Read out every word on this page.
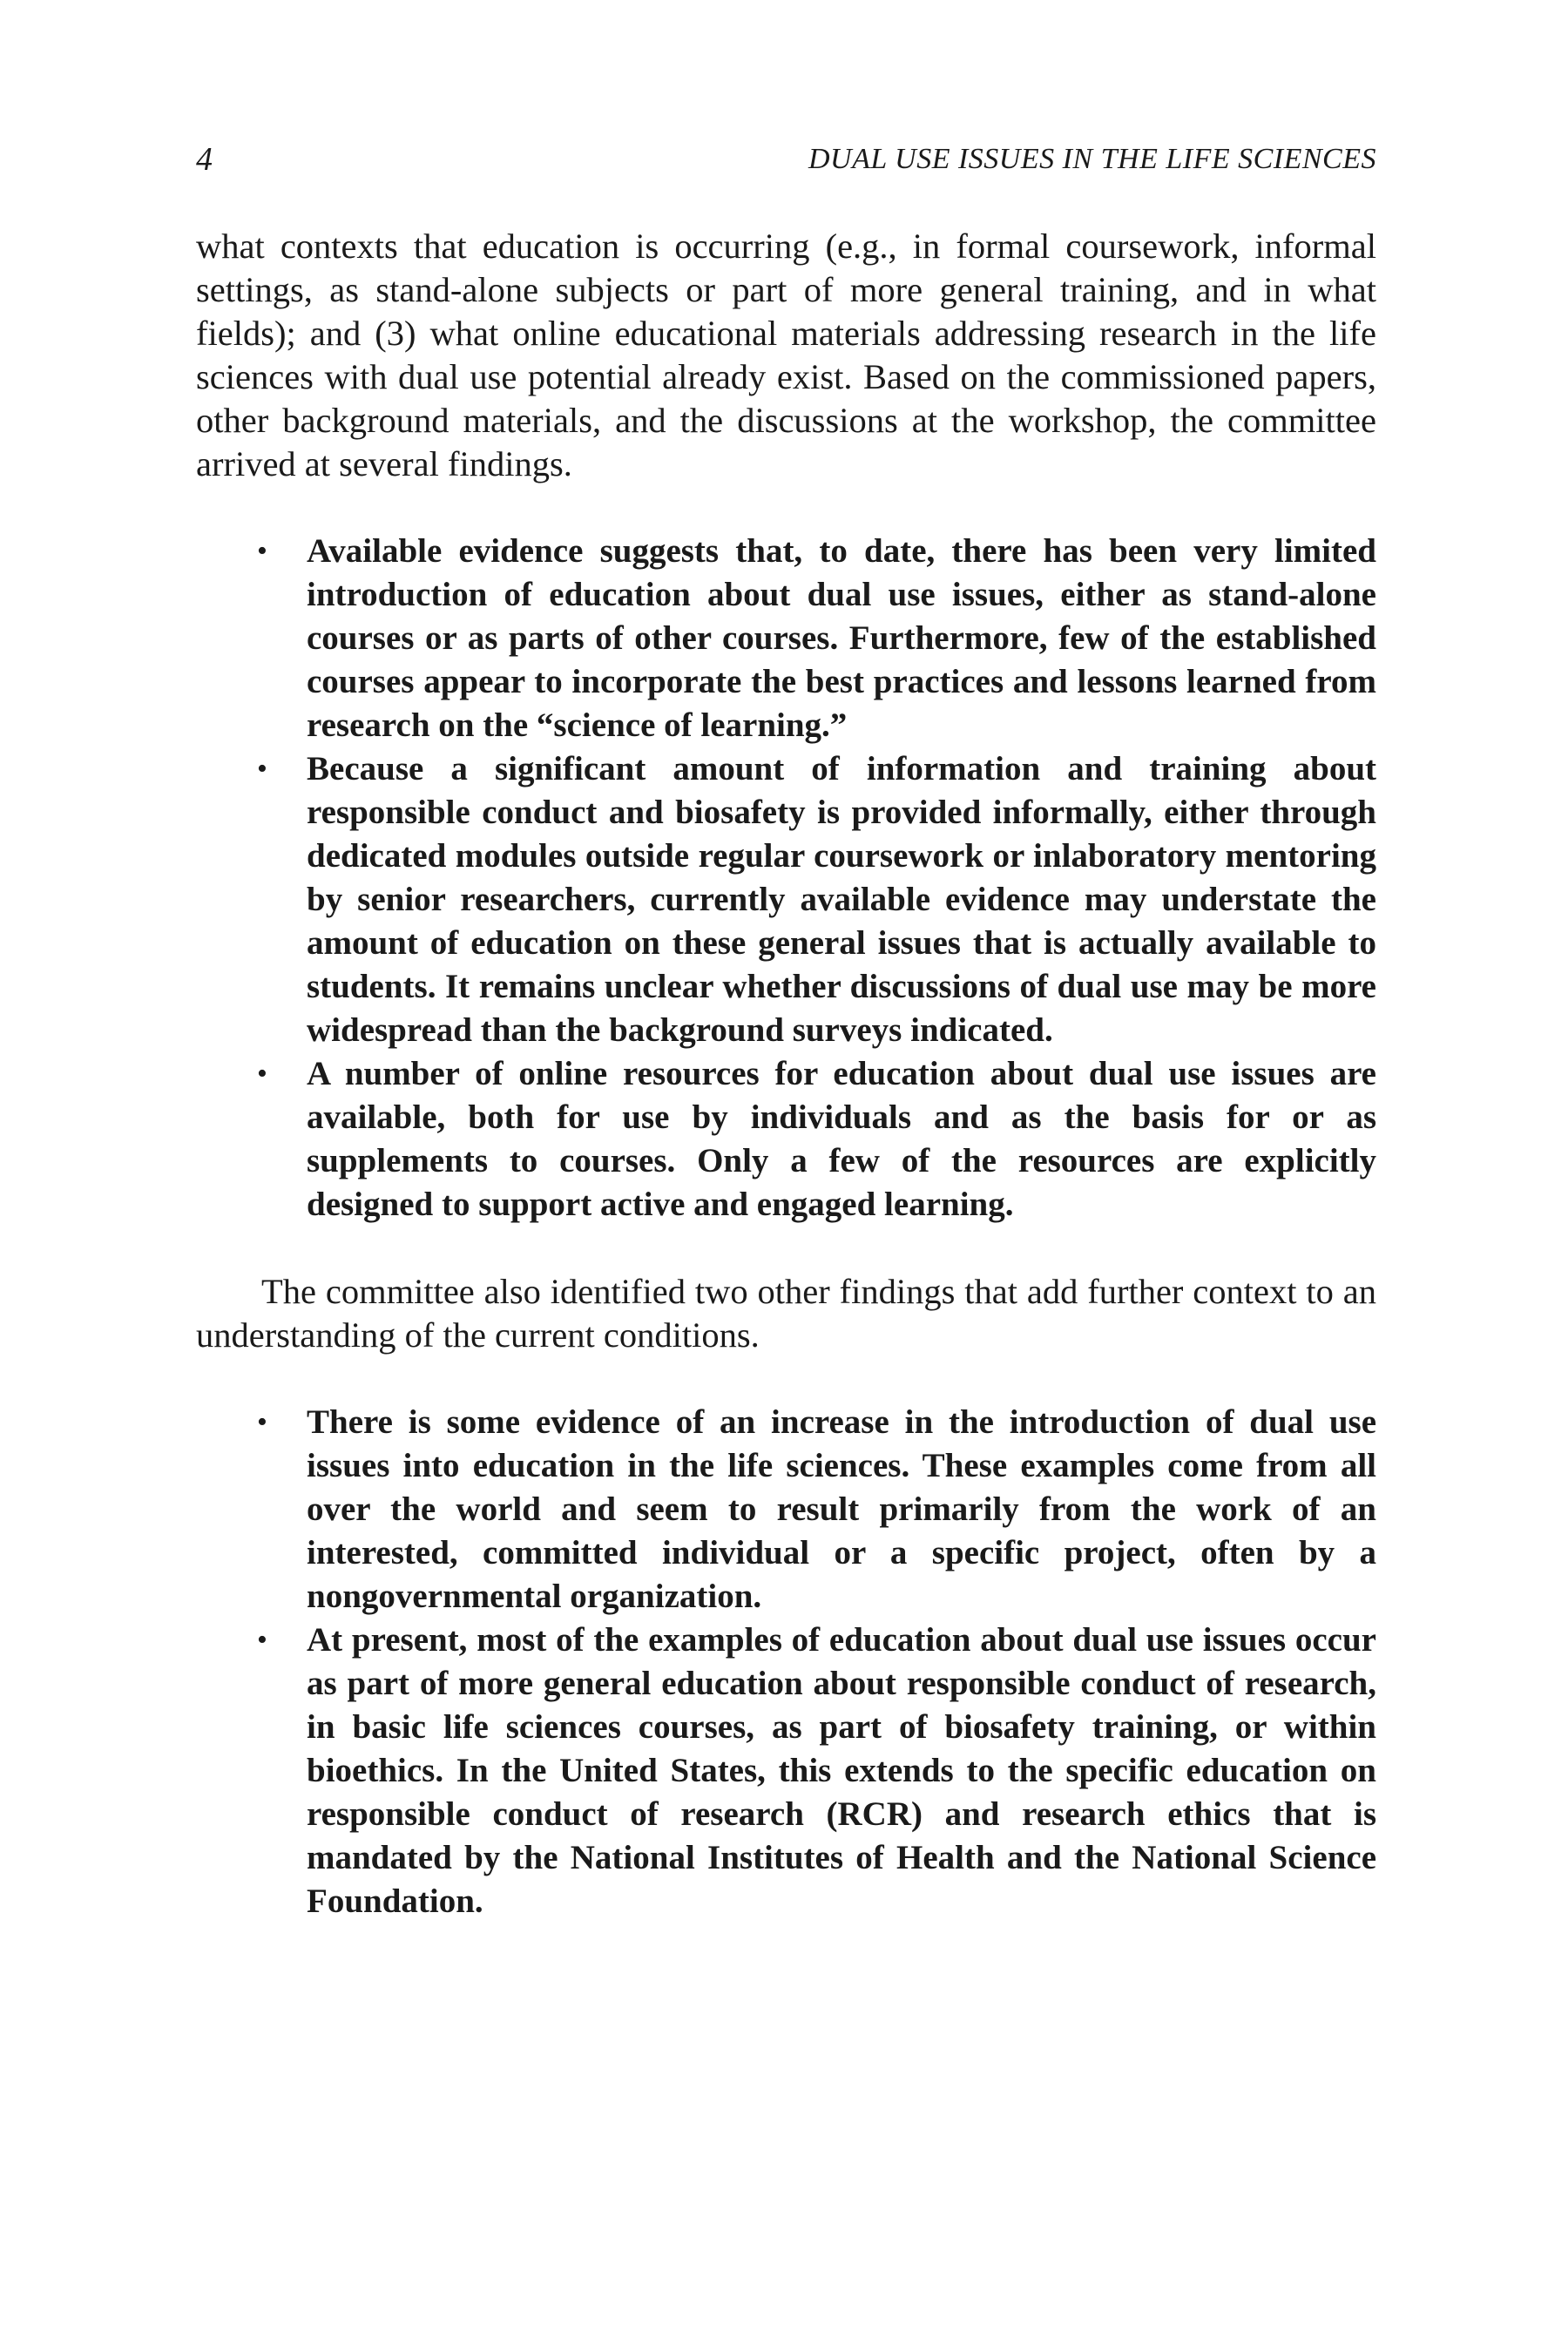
4	DUAL USE ISSUES IN THE LIFE SCIENCES

what contexts that education is occurring (e.g., in formal coursework, informal settings, as stand-alone subjects or part of more general training, and in what fields); and (3) what online educational materials addressing research in the life sciences with dual use potential already exist. Based on the commissioned papers, other background materials, and the discussions at the workshop, the committee arrived at several findings.

• Available evidence suggests that, to date, there has been very limited introduction of education about dual use issues, either as stand-alone courses or as parts of other courses. Furthermore, few of the established courses appear to incorporate the best practices and lessons learned from research on the “science of learning.”
• Because a significant amount of information and training about responsible conduct and biosafety is provided informally, either through dedicated modules outside regular coursework or inlaboratory mentoring by senior researchers, currently available evidence may understate the amount of education on these general issues that is actually available to students. It remains unclear whether discussions of dual use may be more widespread than the background surveys indicated.
• A number of online resources for education about dual use issues are available, both for use by individuals and as the basis for or as supplements to courses. Only a few of the resources are explicitly designed to support active and engaged learning.

The committee also identified two other findings that add further context to an understanding of the current conditions.

• There is some evidence of an increase in the introduction of dual use issues into education in the life sciences. These examples come from all over the world and seem to result primarily from the work of an interested, committed individual or a specific project, often by a nongovernmental organization.
• At present, most of the examples of education about dual use issues occur as part of more general education about responsible conduct of research, in basic life sciences courses, as part of biosafety training, or within bioethics. In the United States, this extends to the specific education on responsible conduct of research (RCR) and research ethics that is mandated by the National Institutes of Health and the National Science Foundation.
